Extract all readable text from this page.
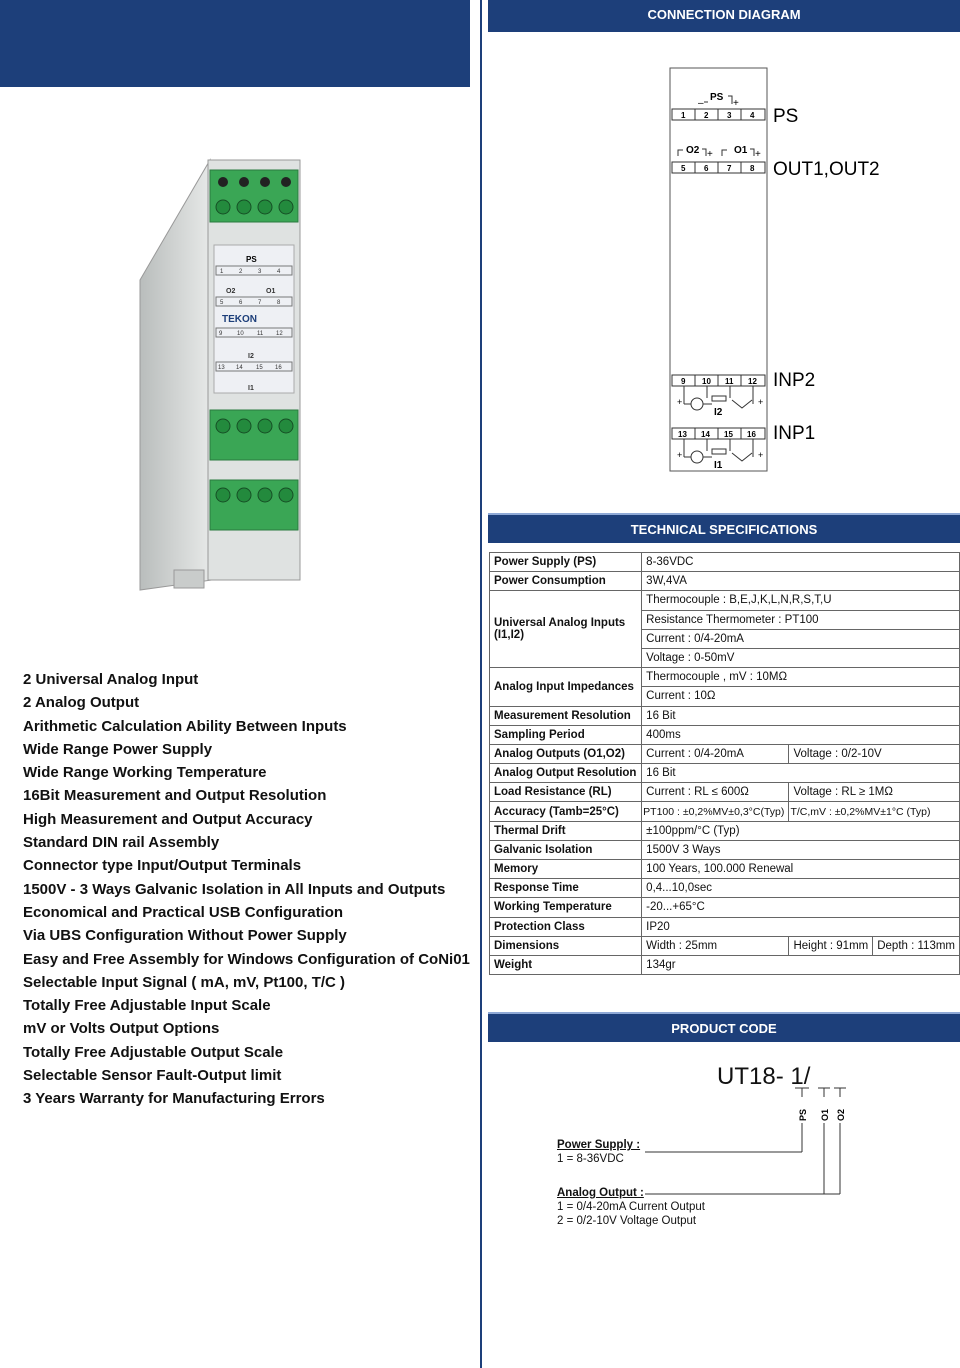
CONNECTION DIAGRAM
TECHNICAL SPECIFICATIONS
PRODUCT CODE
PS
1	2	3	4
O2	O1
5	6	7	8
TEKON
9 10 11 12
I2
13 14 15 16
I1
2 Universal Analog Input
2 Analog Output
Arithmetic Calculation Ability Between Inputs
Wide Range Power Supply
Wide Range Working Temperature
16Bit Measurement and Output Resolution
High Measurement and Output Accuracy
Standard DIN rail Assembly
Connector type Input/Output Terminals
1500V - 3 Ways Galvanic Isolation in All Inputs and Outputs
Economical and Practical USB Configuration
Via UBS Configuration Without Power Supply
Easy and Free Assembly for Windows Configuration of CoNi01
Selectable Input Signal ( mA, mV, Pt100, T/C )
Totally Free Adjustable Input Scale
mV or Volts Output Options
Totally Free Adjustable Output Scale
Selectable Sensor Fault-Output limit
3 Years Warranty for Manufacturing Errors
PS
–	+
1 2 3 4 PS
O2 + O1 +
5 6 7 8 OUT1,OUT2
9 10 11 12
+	+
I2
INP2
13 14 15 16
+	+
I1
INP1
Power Supply (PS)	8-36VDC		
Power Consumption	3W,4VA		
Universal Analog Inputs
(I1,I2)	Thermocouple : B,E,J,K,L,N,R,S,T,U		
	Resistance Thermometer : PT100		
	Current : 0/4-20mA		
	Voltage : 0-50mV		
Analog Input Impedances	Thermocouple , mV : 10MΩ		
	Current : 10Ω		
Measurement Resolution	16 Bit		
Sampling Period	400ms		
Analog Outputs (O1,O2)	Current : 0/4-20mA	Voltage : 0/2-10V	
Analog Output Resolution	16 Bit		
Load Resistance (RL)	Current : RL ≤ 600Ω	Voltage : RL ≥ 1MΩ	
Accuracy (Tamb=25°C)	PT100 : ±0,2%MV±0,3°C(Typ)	T/C,mV : ±0,2%MV±1°C (Typ)	
Thermal Drift	±100ppm/°C (Typ)		
Galvanic Isolation	1500V 3 Ways		
Memory	100 Years, 100.000 Renewal		
Response Time	0,4...10,0sec		
Working Temperature	-20...+65°C		
Protection Class	IP20		
Dimensions	Width : 25mm	Height : 91mm	Depth : 113mm
Weight	134gr		
UT18- 1/
PS O1 O2
Power Supply :
1 = 8-36VDC
Analog Output :
1 = 0/4-20mA Current Output
2 = 0/2-10V Voltage Output
